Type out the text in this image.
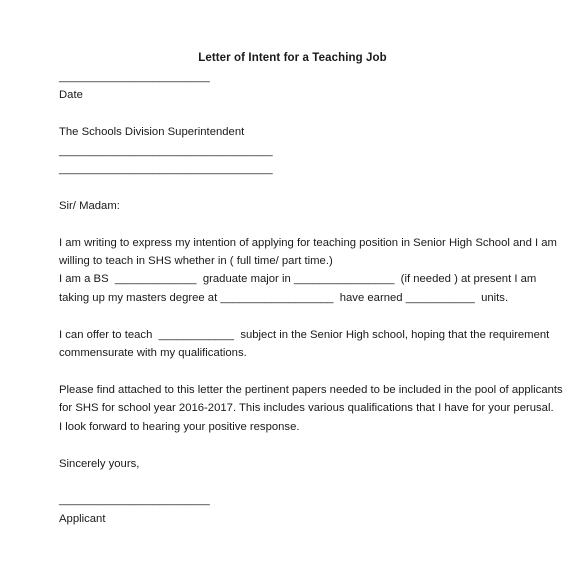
Letter of Intent for a Teaching Job
________________________
Date
The Schools Division Superintendent
__________________________________
__________________________________
Sir/ Madam:
I am writing to express my intention of applying for teaching position in Senior High School and I am
willing to teach in SHS whether in ( full time/ part time.)
I am a BS  _____________  graduate major in ________________  (if needed ) at present I am
taking up my masters degree at __________________  have earned ___________  units.
I can offer to teach  ____________  subject in the Senior High school, hoping that the requirement
commensurate with my qualifications.
Please find attached to this letter the pertinent papers needed to be included in the pool of applicants
for SHS for school year 2016-2017. This includes various qualifications that I have for your perusal.
I look forward to hearing your positive response.
Sincerely yours,
________________________
Applicant
